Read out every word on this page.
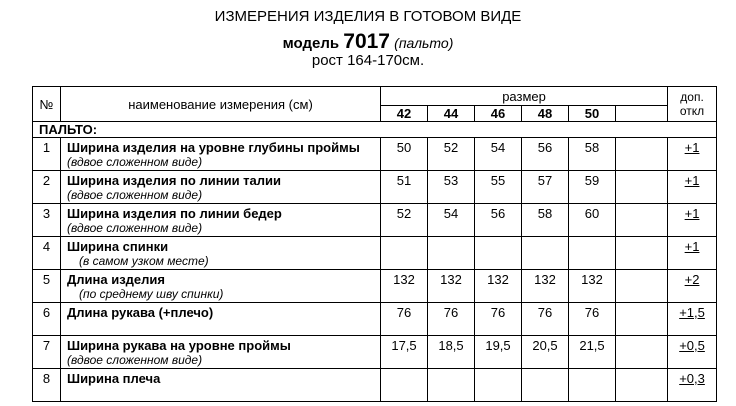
ИЗМЕРЕНИЯ ИЗДЕЛИЯ В ГОТОВОМ ВИДЕ
модель 7017 (пальто)
рост 164-170см.
№	наименование измерения (см)	размер						доп.
откл
		42	44	46	48	50		
ПАЛЬТО:								
1	Ширина изделия на уровне глубины проймы
(вдвое сложенном виде)	50	52	54	56	58		+1
2	Ширина изделия по линии талии
(вдвое сложенном виде)	51	53	55	57	59		+1
3	Ширина изделия по линии бедер
(вдвое сложенном виде)	52	54	56	58	60		+1
4	Ширина спинки
(в самом узком месте)							+1
5	Длина изделия
(по среднему шву спинки)	132	132	132	132	132		+2
6	Длина рукава (+плечо)	76	76	76	76	76		+1,5
7	Ширина рукава на уровне проймы
(вдвое сложенном виде)	17,5	18,5	19,5	20,5	21,5		+0,5
8	Ширина плеча							+0,3
